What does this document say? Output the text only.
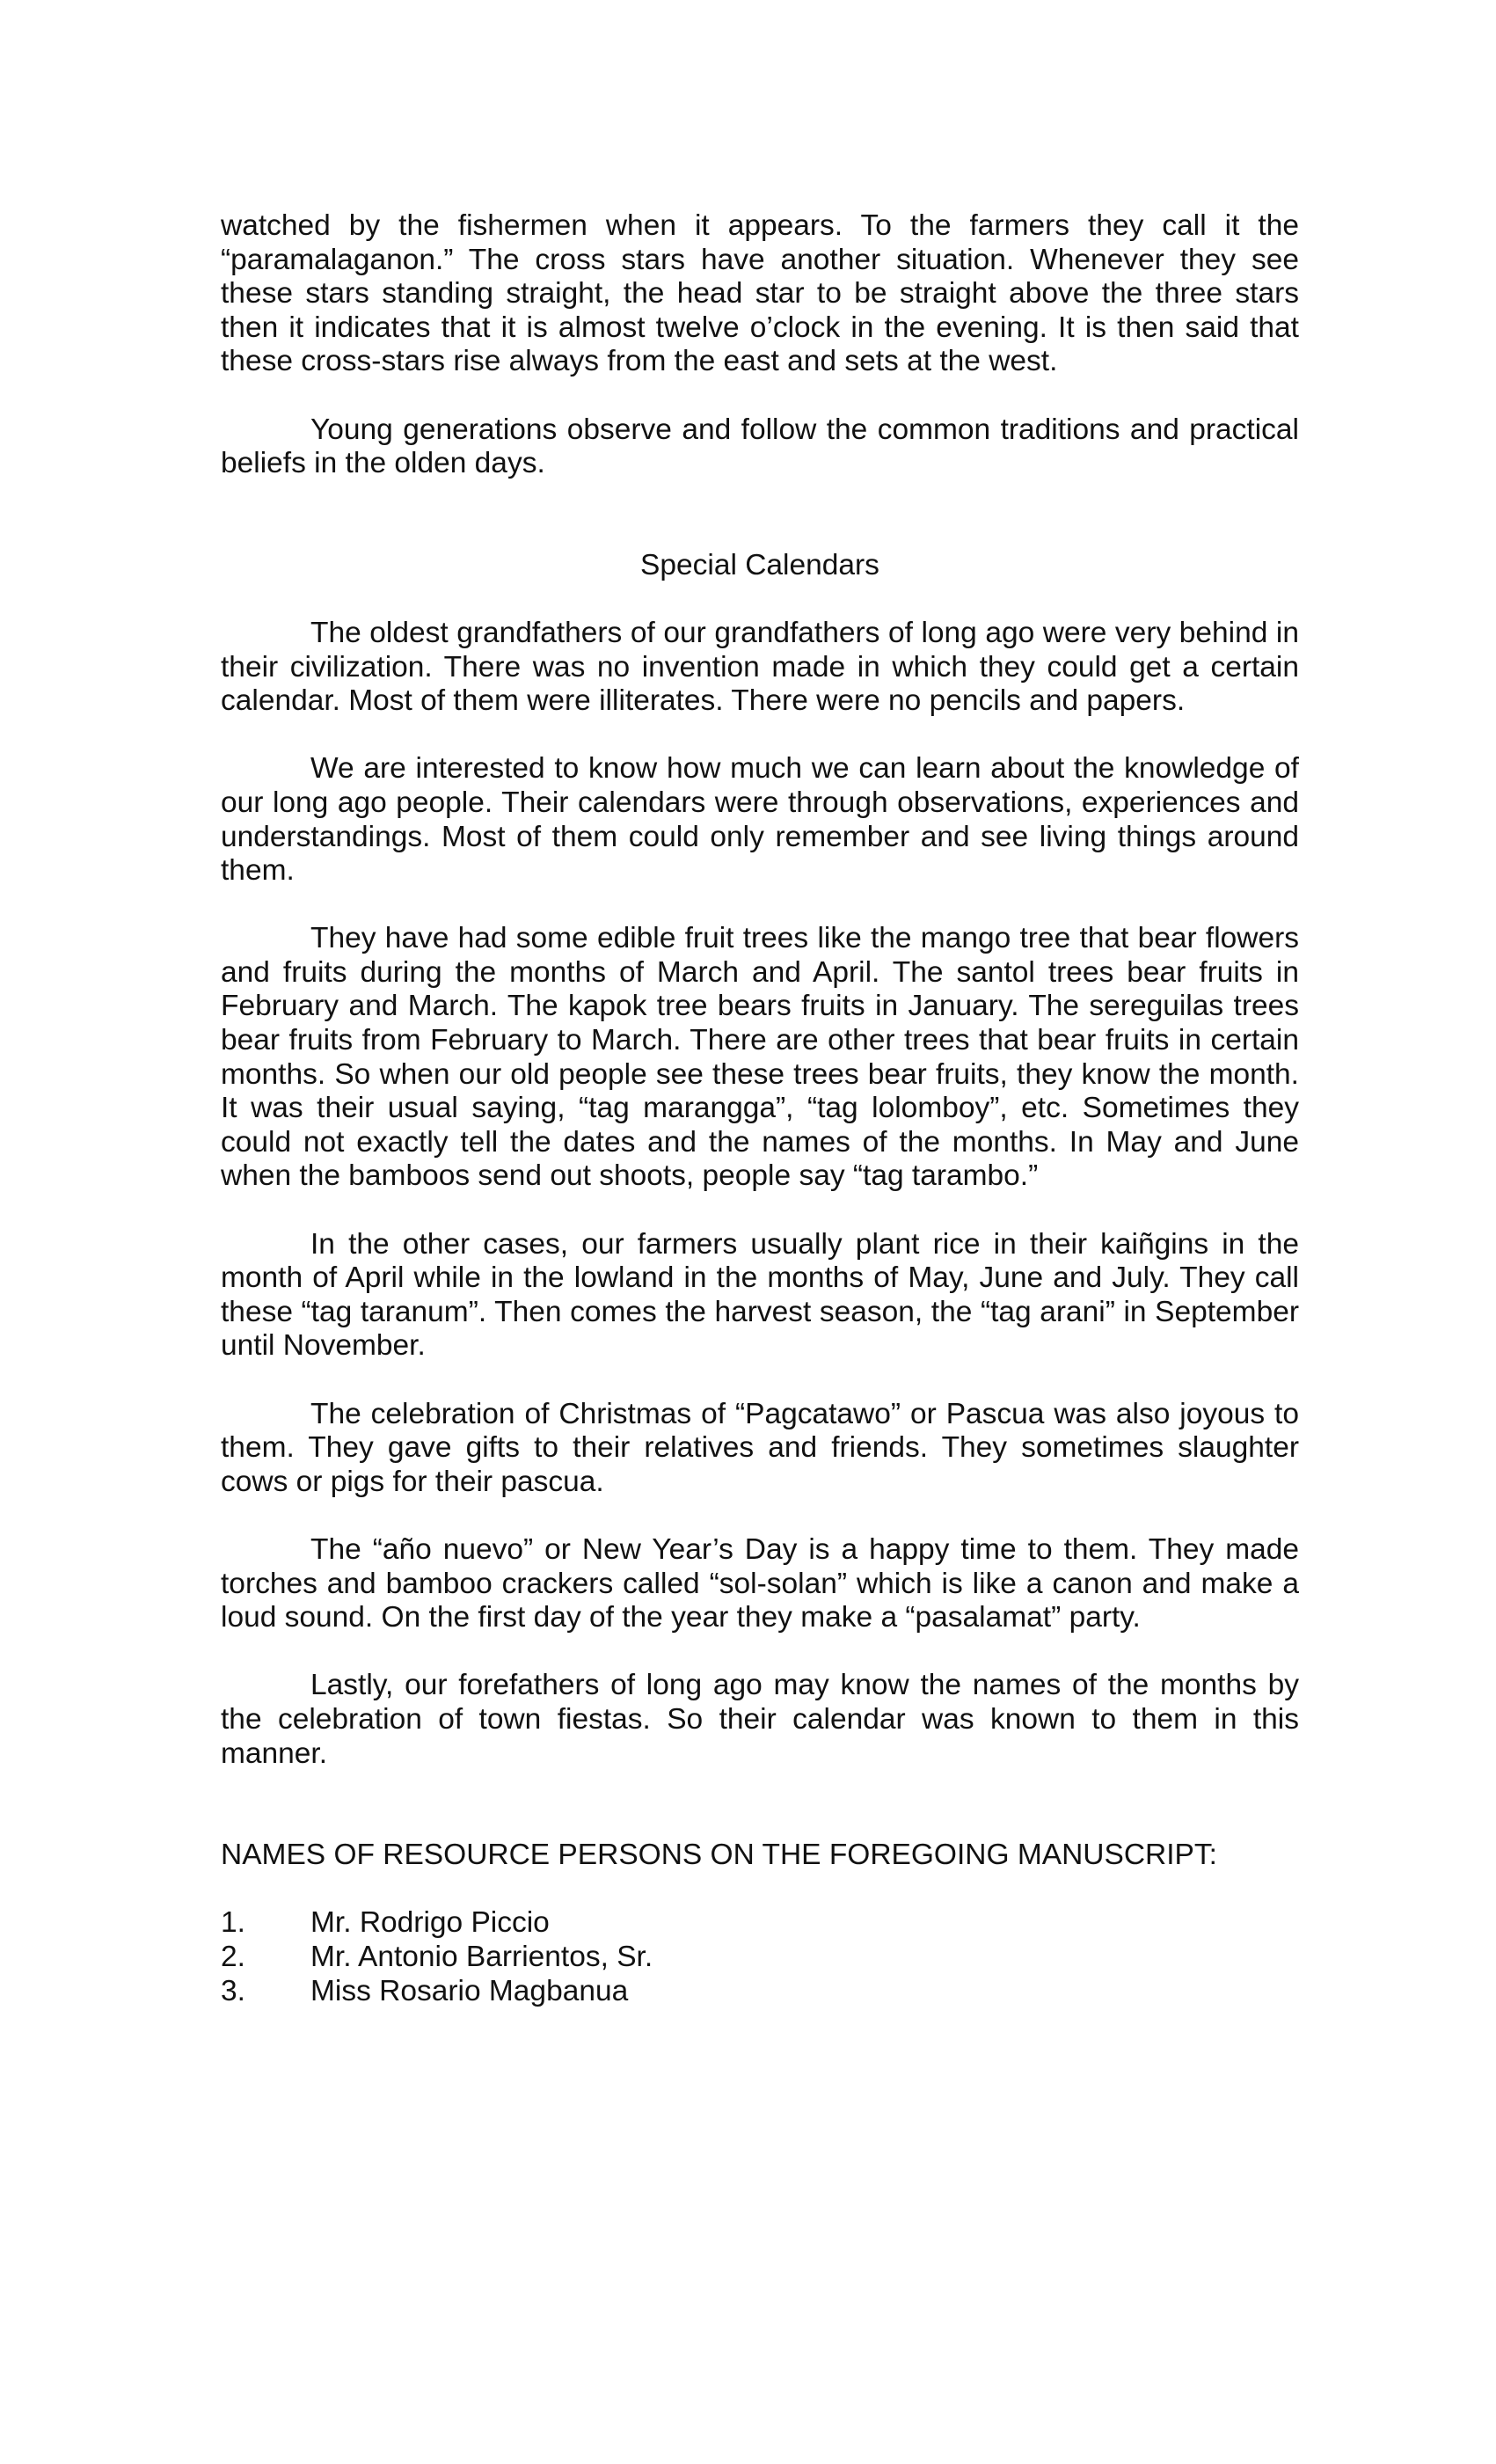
watched by the fishermen when it appears. To the farmers they call it the “paramalaganon.” The cross stars have another situation. Whenever they see these stars standing straight, the head star to be straight above the three stars then it indicates that it is almost twelve o’clock in the evening. It is then said that these cross-stars rise always from the east and sets at the west.

Young generations observe and follow the common traditions and practical beliefs in the olden days.

Special Calendars

The oldest grandfathers of our grandfathers of long ago were very behind in their civilization. There was no invention made in which they could get a certain calendar. Most of them were illiterates. There were no pencils and papers.

We are interested to know how much we can learn about the knowledge of our long ago people. Their calendars were through observations, experiences and understandings. Most of them could only remember and see living things around them.

They have had some edible fruit trees like the mango tree that bear flowers and fruits during the months of March and April. The santol trees bear fruits in February and March. The kapok tree bears fruits in January. The sereguilas trees bear fruits from February to March. There are other trees that bear fruits in certain months. So when our old people see these trees bear fruits, they know the month. It was their usual saying, “tag marangga”, “tag lolomboy”, etc. Sometimes they could not exactly tell the dates and the names of the months. In May and June when the bamboos send out shoots, people say “tag tarambo.”

In the other cases, our farmers usually plant rice in their kaiñgins in the month of April while in the lowland in the months of May, June and July. They call these “tag taranum”. Then comes the harvest season, the “tag arani” in September until November.

The celebration of Christmas of “Pagcatawo” or Pascua was also joyous to them. They gave gifts to their relatives and friends. They sometimes slaughter cows or pigs for their pascua.

The “año nuevo” or New Year’s Day is a happy time to them. They made torches and bamboo crackers called “sol-solan” which is like a canon and make a loud sound. On the first day of the year they make a “pasalamat” party.

Lastly, our forefathers of long ago may know the names of the months by the celebration of town fiestas. So their calendar was known to them in this manner.

NAMES OF RESOURCE PERSONS ON THE FOREGOING MANUSCRIPT:
1.	Mr. Rodrigo Piccio
2.	Mr. Antonio Barrientos, Sr.
3.	Miss Rosario Magbanua
